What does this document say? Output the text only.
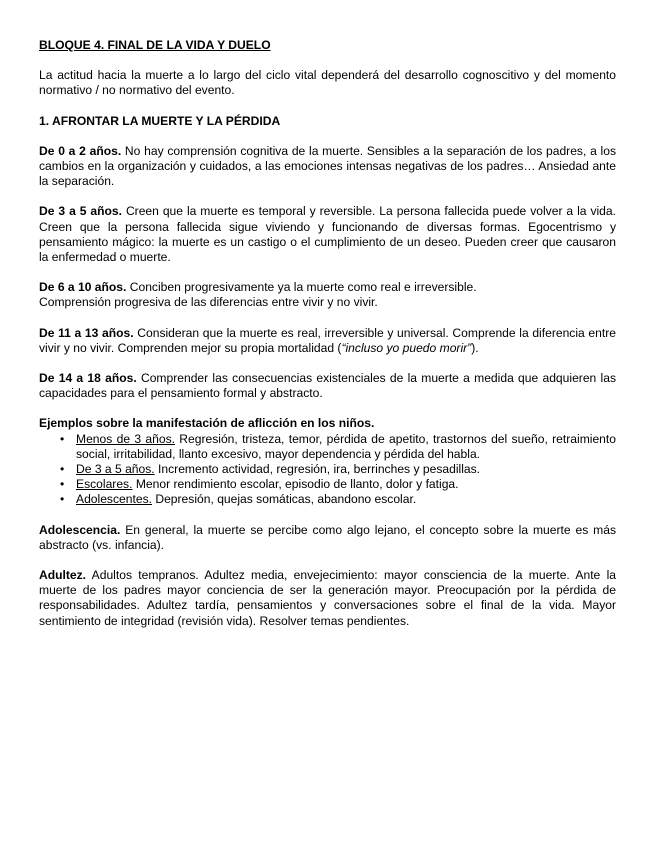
BLOQUE 4. FINAL DE LA VIDA Y DUELO

La actitud hacia la muerte a lo largo del ciclo vital dependerá del desarrollo cognoscitivo y del momento normativo / no normativo del evento.

1. AFRONTAR LA MUERTE Y LA PÉRDIDA

De 0 a 2 años. No hay comprensión cognitiva de la muerte. Sensibles a la separación de los padres, a los cambios en la organización y cuidados, a las emociones intensas negativas de los padres… Ansiedad ante la separación.

De 3 a 5 años. Creen que la muerte es temporal y reversible. La persona fallecida puede volver a la vida. Creen que la persona fallecida sigue viviendo y funcionando de diversas formas. Egocentrismo y pensamiento mágico: la muerte es un castigo o el cumplimiento de un deseo. Pueden creer que causaron la enfermedad o muerte.

De 6 a 10 años. Conciben progresivamente ya la muerte como real e irreversible.

Comprensión progresiva de las diferencias entre vivir y no vivir.

De 11 a 13 años. Consideran que la muerte es real, irreversible y universal. Comprende la diferencia entre vivir y no vivir. Comprenden mejor su propia mortalidad (“incluso yo puedo morir”).

De 14 a 18 años. Comprender las consecuencias existenciales de la muerte a medida que adquieren las capacidades para el pensamiento formal y abstracto.

Ejemplos sobre la manifestación de aflicción en los niños.

• Menos de 3 años. Regresión, tristeza, temor, pérdida de apetito, trastornos del sueño, retraimiento social, irritabilidad, llanto excesivo, mayor dependencia y pérdida del habla.
• De 3 a 5 años. Incremento actividad, regresión, ira, berrinches y pesadillas.
• Escolares. Menor rendimiento escolar, episodio de llanto, dolor y fatiga.
• Adolescentes. Depresión, quejas somáticas, abandono escolar.

Adolescencia. En general, la muerte se percibe como algo lejano, el concepto sobre la muerte es más abstracto (vs. infancia).

Adultez. Adultos tempranos. Adultez media, envejecimiento: mayor consciencia de la muerte. Ante la muerte de los padres mayor conciencia de ser la generación mayor. Preocupación por la pérdida de responsabilidades. Adultez tardía, pensamientos y conversaciones sobre el final de la vida. Mayor sentimiento de integridad (revisión vida). Resolver temas pendientes.
